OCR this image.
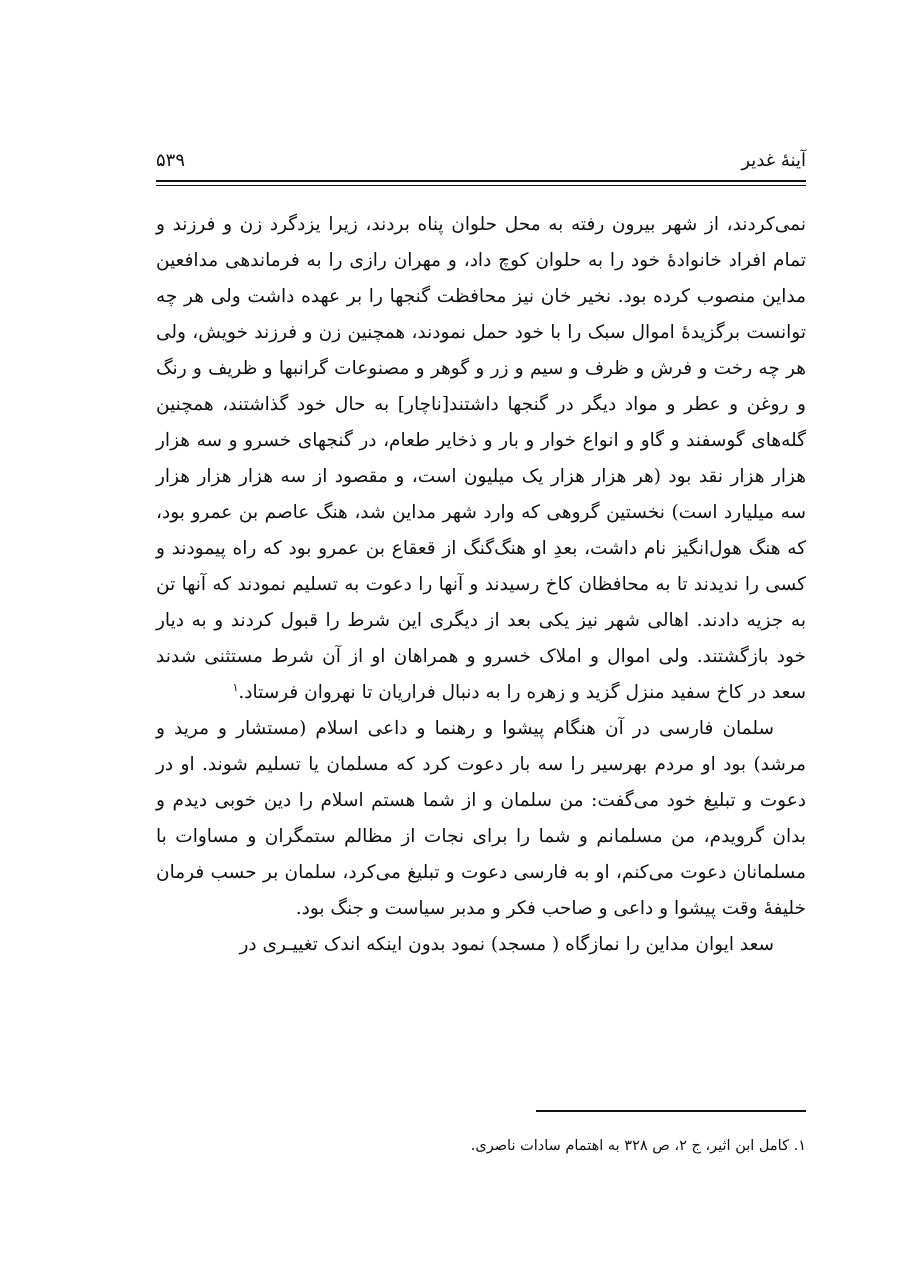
آینهٔ غدیر
۵۳۹

نمی‌کردند، از شهر بیرون رفته به محل حلوان پناه بردند، زیرا یزدگرد زن و فرزند و تمام افراد خانوادهٔ خود را به حلوان کوچ داد، و مهران رازی را به فرماندهی مدافعین مداین منصوب کرده بود. نخیر خان نیز محافظت گنجها را بر عهده داشت ولی هر چه توانست برگزیدهٔ اموال سبک را با خود حمل نمودند، همچنین زن و فرزند خویش، ولی هر چه رخت و فرش و ظرف و سیم و زر و گوهر و مصنوعات گرانبها و ظریف و رنگ و روغن و عطر و مواد دیگر در گنجها داشتند[ناچار] به حال خود گذاشتند، همچنین گله‌های گوسفند و گاو و انواع خوار و بار و ذخایر طعام، در گنجهای خسرو و سه هزار هزار هزار نقد بود (هر هزار هزار یک میلیون است، و مقصود از سه هزار هزار هزار سه میلیارد است) نخستین گروهی که وارد شهر مداین شد، هنگ عاصم بن عمرو بود، که هنگ هول‌انگیز نام داشت، بعدِ او هنگ‌گنگ از قعقاع بن عمرو بود که راه پیمودند و کسی را ندیدند تا به محافظان کاخ رسیدند و آنها را دعوت به تسلیم نمودند که آنها تن به جزیه دادند. اهالی شهر نیز یکی بعد از دیگری این شرط را قبول کردند و به دیار خود بازگشتند. ولی اموال و املاک خسرو و همراهان او از آن شرط مستثنی شدند سعد در کاخ سفید منزل گزید و زهره را به دنبال فراریان تا نهروان فرستاد.$^۱$

سلمان فارسی در آن هنگام پیشوا و رهنما و داعی اسلام (مستشار و مرید و مرشد) بود او مردم بهرسیر را سه بار دعوت کرد که مسلمان یا تسلیم شوند. او در دعوت و تبلیغ خود می‌گفت: من سلمان و از شما هستم اسلام را دین خوبی دیدم و بدان گرویدم، من مسلمانم و شما را برای نجات از مظالم ستمگران و مساوات با مسلمانان دعوت می‌کنم، او به فارسی دعوت و تبلیغ می‌کرد، سلمان بر حسب فرمان خلیفهٔ وقت پیشوا و داعی و صاحب فکر و مدبر سیاست و جنگ بود.

سعد ایوان مداین را نمازگاه ( مسجد) نمود بدون اینکه اندک تغییـری در

۱. کامل ابن اثیر، ج ۲، ص ۳۲۸ به اهتمام سادات ناصری.
